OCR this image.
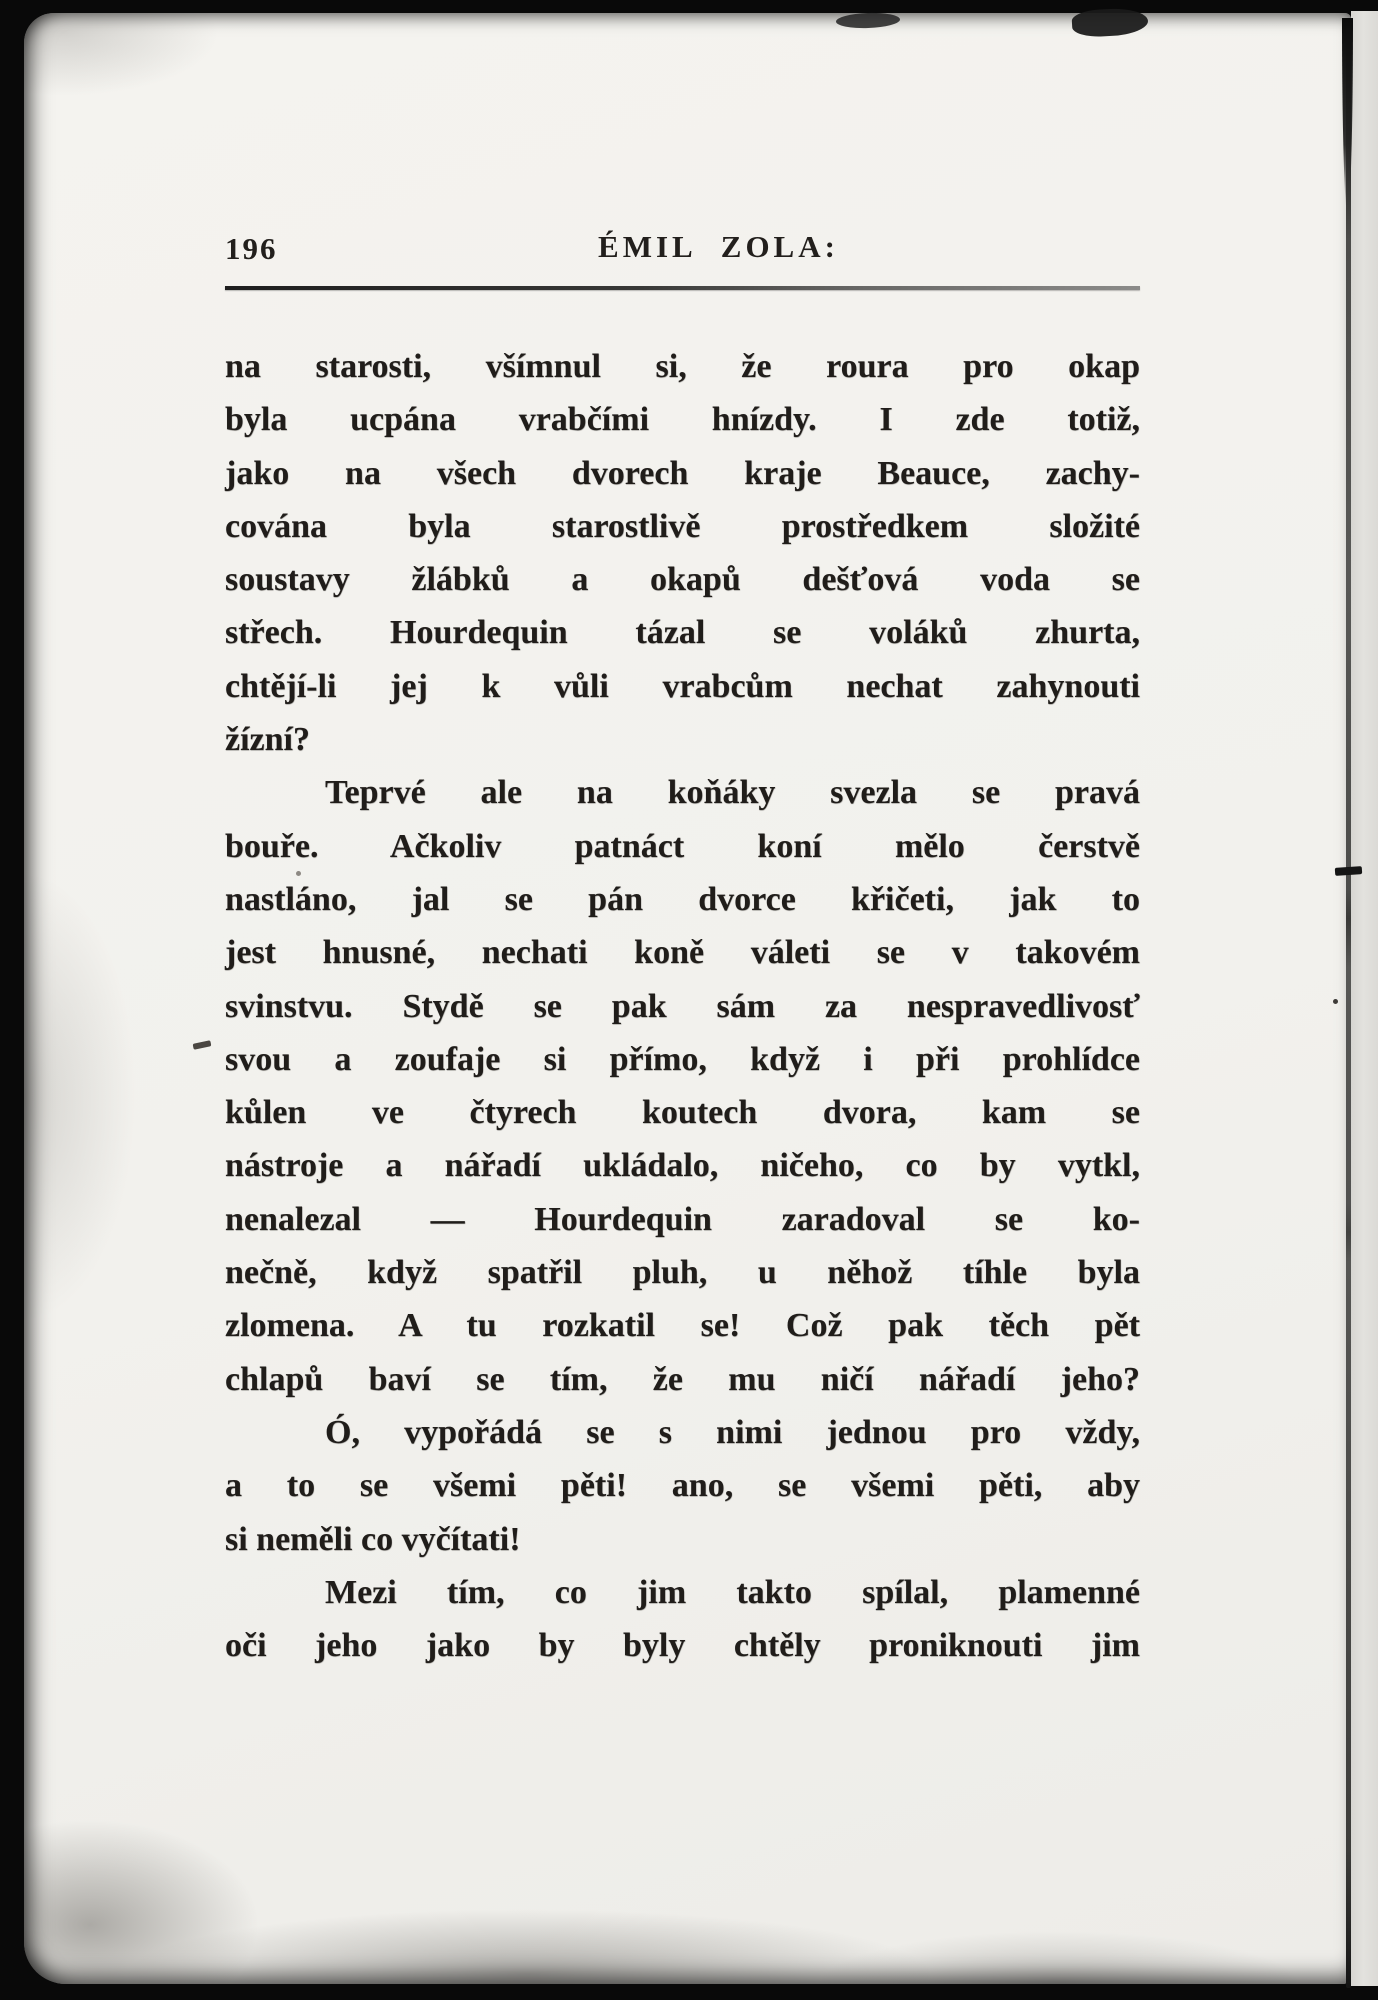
196	ÉMIL ZOLA:
na starosti, všímnul si, že roura pro okap
byla ucpána vrabčími hnízdy. I zde totiž,
jako na všech dvorech kraje Beauce, zachy-
cována byla starostlivě prostředkem složité
soustavy žlábků a okapů dešťová voda se
střech. Hourdequin tázal se voláků zhurta,
chtějí-li jej k vůli vrabcům nechat zahynouti
žízní?
Teprvé ale na koňáky svezla se pravá
bouře. Ačkoliv patnáct koní mělo čerstvě
nastláno, jal se pán dvorce křičeti, jak to
jest hnusné, nechati koně váleti se v takovém
svinstvu. Stydě se pak sám za nespravedlivosť
svou a zoufaje si přímo, když i při prohlídce
kůlen ve čtyrech koutech dvora, kam se
nástroje a nářadí ukládalo, ničeho, co by vytkl,
nenalezal — Hourdequin zaradoval se ko-
nečně, když spatřil pluh, u něhož tíhle byla
zlomena. A tu rozkatil se! Což pak těch pět
chlapů baví se tím, že mu ničí nářadí jeho?
Ó, vypořádá se s nimi jednou pro vždy,
a to se všemi pěti! ano, se všemi pěti, aby
si neměli co vyčítati!
Mezi tím, co jim takto spílal, plamenné
oči jeho jako by byly chtěly proniknouti jim
